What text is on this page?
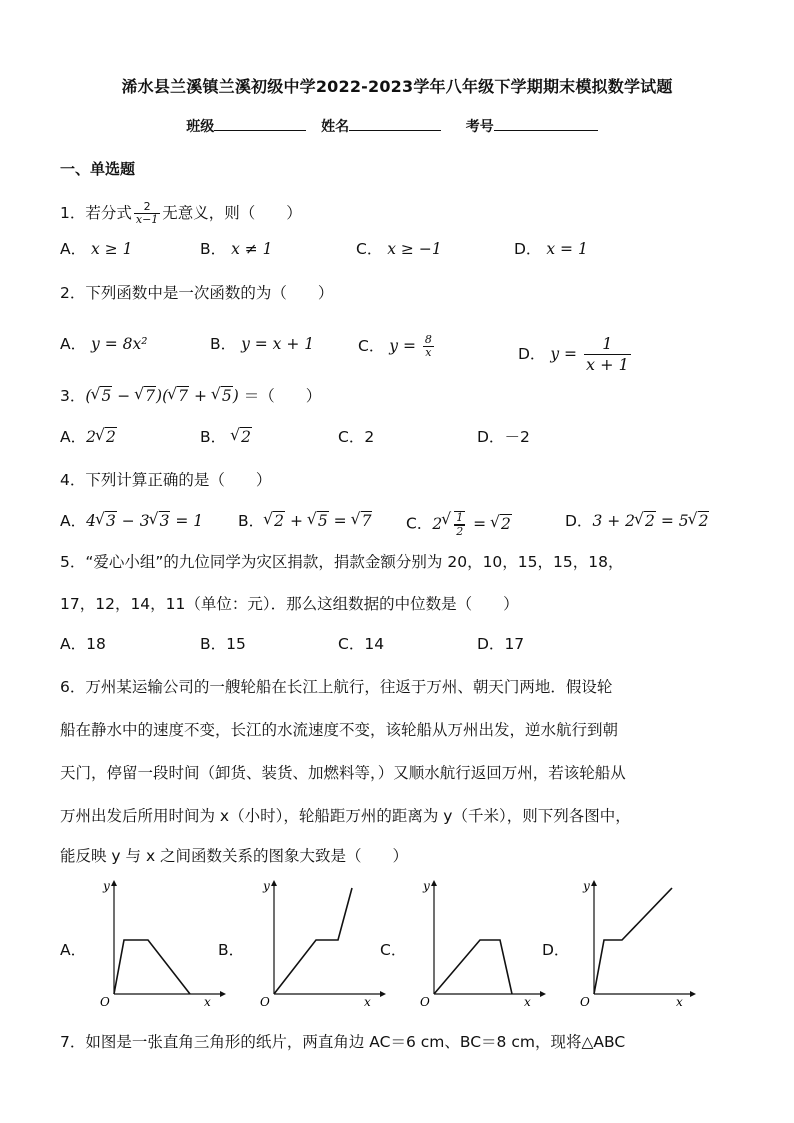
浠水县兰溪镇兰溪初级中学2022-2023学年八年级下学期期末模拟数学试题
班级	姓名	考号
一、单选题
1．若分式 $\frac{2}{x-1}$ 无意义，则（　　）
A． x ≥ 1	B． x ≠ 1	C． x ≥ −1	D． x = 1
2．下列函数中是一次函数的为（　　）
A． y = 8x²	B． y = x + 1	C． $y = \frac{8}{x}$	D． $y = \frac{1}{x + 1}$
3．( √ 5 − √ 7)( √ 7 + √ 5) ＝（　　）
A．2 √ 2	B． √ 2	C．2	D．－2
4．下列计算正确的是（　　）
A．4 √ 3 − 3 √ 3 = 1 B． √ 2 + √ 5 = √ 7 C．2 √ $\frac{1}{2}$ = √ 2	D．3 + 2 √ 2 = 5 √ 2
5．“爱心小组”的九位同学为灾区捐款，捐款金额分别为 20，10，15，15，18，
17，12，14，11（单位：元）．那么这组数据的中位数是（　　）
A．18	B．15	C．14	D．17
6．万州某运输公司的一艘轮船在长江上航行，往返于万州、朝天门两地．假设轮
船在静水中的速度不变，长江的水流速度不变，该轮船从万州出发，逆水航行到朝
天门，停留一段时间（卸货、装货、加燃料等，）又顺水航行返回万州，若该轮船从
万州出发后所用时间为 x（小时），轮船距万州的距离为 y（千米），则下列各图中，
能反映 y 与 x 之间函数关系的图象大致是（　　）
A．	B．	C．	D．
y
x
O
y
x
O
y
x
O
y
x
O
7．如图是一张直角三角形的纸片，两直角边 AC＝6 cm、BC＝8 cm，现将△ABC
